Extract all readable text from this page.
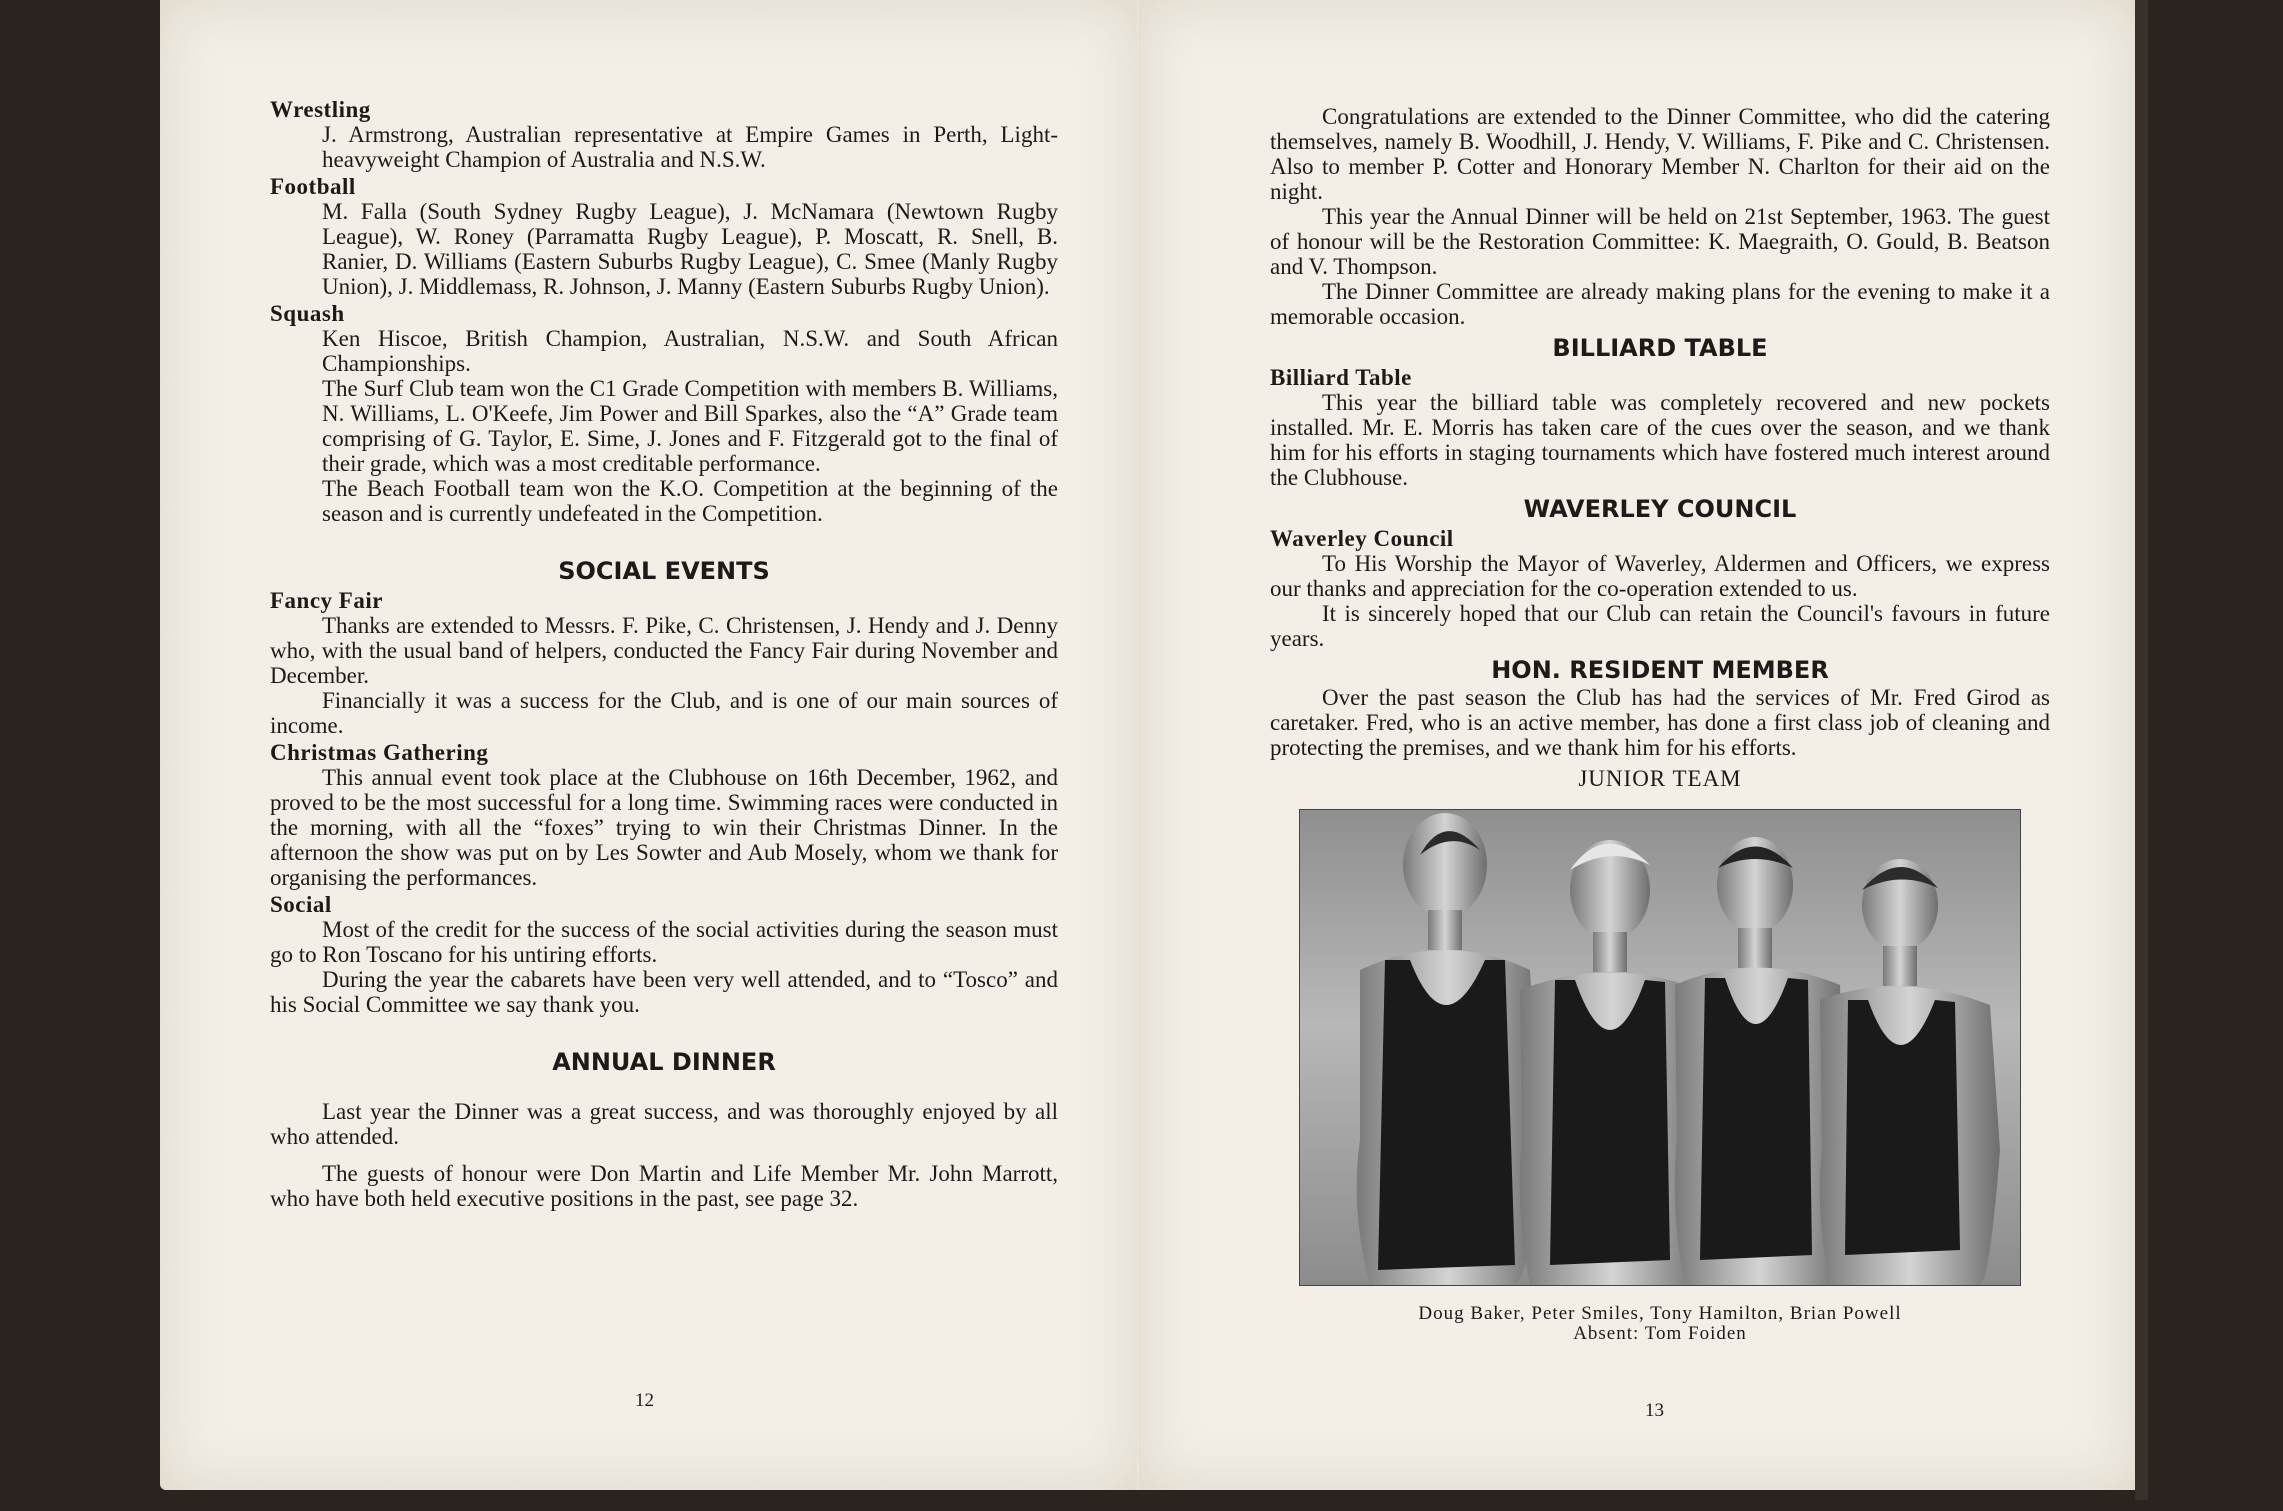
Wrestling

J. Armstrong, Australian representative at Empire Games in Perth, Light-heavyweight Champion of Australia and N.S.W.

Football

M. Falla (South Sydney Rugby League), J. McNamara (Newtown Rugby League), W. Roney (Parramatta Rugby League), P. Moscatt, R. Snell, B. Ranier, D. Williams (Eastern Suburbs Rugby League), C. Smee (Manly Rugby Union), J. Middlemass, R. Johnson, J. Manny (Eastern Suburbs Rugby Union).

Squash

Ken Hiscoe, British Champion, Australian, N.S.W. and South African Championships.

The Surf Club team won the C1 Grade Competition with members B. Williams, N. Williams, L. O'Keefe, Jim Power and Bill Sparkes, also the “A” Grade team comprising of G. Taylor, E. Sime, J. Jones and F. Fitzgerald got to the final of their grade, which was a most creditable performance.

The Beach Football team won the K.O. Competition at the beginning of the season and is currently undefeated in the Competition.

SOCIAL EVENTS
Fancy Fair

Thanks are extended to Messrs. F. Pike, C. Christensen, J. Hendy and J. Denny who, with the usual band of helpers, conducted the Fancy Fair during November and December.

Financially it was a success for the Club, and is one of our main sources of income.

Christmas Gathering

This annual event took place at the Clubhouse on 16th December, 1962, and proved to be the most successful for a long time. Swimming races were conducted in the morning, with all the “foxes” trying to win their Christmas Dinner. In the afternoon the show was put on by Les Sowter and Aub Mosely, whom we thank for organising the performances.

Social

Most of the credit for the success of the social activities during the season must go to Ron Toscano for his untiring efforts.

During the year the cabarets have been very well attended, and to “Tosco” and his Social Committee we say thank you.

ANNUAL DINNER

Last year the Dinner was a great success, and was thoroughly enjoyed by all who attended.

The guests of honour were Don Martin and Life Member Mr. John Marrott, who have both held executive positions in the past, see page 32.

12

Congratulations are extended to the Dinner Committee, who did the catering themselves, namely B. Woodhill, J. Hendy, V. Williams, F. Pike and C. Christensen. Also to member P. Cotter and Honorary Member N. Charlton for their aid on the night.

This year the Annual Dinner will be held on 21st September, 1963. The guest of honour will be the Restoration Committee: K. Maegraith, O. Gould, B. Beatson and V. Thompson.

The Dinner Committee are already making plans for the evening to make it a memorable occasion.

BILLIARD TABLE
Billiard Table

This year the billiard table was completely recovered and new pockets installed. Mr. E. Morris has taken care of the cues over the season, and we thank him for his efforts in staging tournaments which have fostered much interest around the Clubhouse.

WAVERLEY COUNCIL
Waverley Council

To His Worship the Mayor of Waverley, Aldermen and Officers, we express our thanks and appreciation for the co-operation extended to us.

It is sincerely hoped that our Club can retain the Council's favours in future years.

HON. RESIDENT MEMBER

Over the past season the Club has had the services of Mr. Fred Girod as caretaker. Fred, who is an active member, has done a first class job of cleaning and protecting the premises, and we thank him for his efforts.

JUNIOR TEAM
Doug Baker, Peter Smiles, Tony Hamilton, Brian Powell
Absent: Tom Foiden
13
